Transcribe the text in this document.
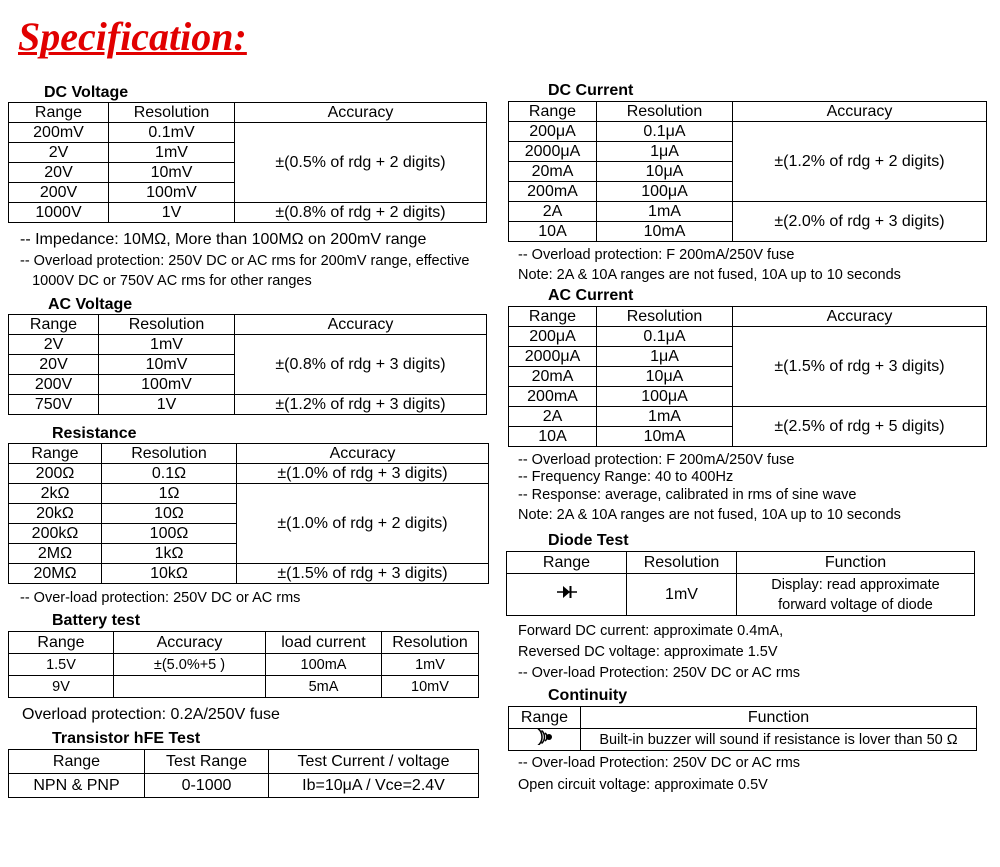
Specification:
DC Voltage
Range	Resolution	Accuracy
200mV	0.1mV	±(0.5% of rdg + 2 digits)
2V	1mV	
20V	10mV	
200V	100mV	
1000V	1V	±(0.8% of rdg + 2 digits)
-- Impedance: 10MΩ, More than 100MΩ on 200mV range
-- Overload protection: 250V DC or AC rms for 200mV range, effective
1000V DC or 750V AC rms for other ranges
AC Voltage
Range	Resolution	Accuracy
2V	1mV	±(0.8% of rdg + 3 digits)
20V	10mV	
200V	100mV	
750V	1V	±(1.2% of rdg + 3 digits)
Resistance
Range	Resolution	Accuracy
200Ω	0.1Ω	±(1.0% of rdg + 3 digits)
2kΩ	1Ω	±(1.0% of rdg + 2 digits)
20kΩ	10Ω	
200kΩ	100Ω	
2MΩ	1kΩ	
20MΩ	10kΩ	±(1.5% of rdg + 3 digits)
-- Over-load protection: 250V DC or AC rms
Battery test
Range	Accuracy	load current	Resolution
1.5V	±(5.0%+5 )	100mA	1mV
9V		5mA	10mV
Overload protection: 0.2A/250V fuse
Transistor hFE Test
Range	Test Range	Test Current / voltage
NPN & PNP	0-1000	Ib=10μA / Vce=2.4V
DC Current
Range	Resolution	Accuracy
200μA	0.1μA	±(1.2% of rdg + 2 digits)
2000μA	1μA	
20mA	10μA	
200mA	100μA	
2A	1mA	±(2.0% of rdg + 3 digits)
10A	10mA	
-- Overload protection: F 200mA/250V fuse
Note: 2A & 10A ranges are not fused, 10A up to 10 seconds
AC Current
Range	Resolution	Accuracy
200μA	0.1μA	±(1.5% of rdg + 3 digits)
2000μA	1μA	
20mA	10μA	
200mA	100μA	
2A	1mA	±(2.5% of rdg + 5 digits)
10A	10mA	
-- Overload protection: F 200mA/250V fuse
-- Frequency Range: 40 to 400Hz
-- Response: average, calibrated in rms of sine wave
Note: 2A & 10A ranges are not fused, 10A up to 10 seconds
Diode Test
Range	Resolution	Function
	1mV	Display: read approximate
forward voltage of diode
Forward DC current: approximate 0.4mA,
Reversed DC voltage: approximate 1.5V
-- Over-load Protection: 250V DC or AC rms
Continuity
Range	Function
	Built-in buzzer will sound if resistance is lover than 50 Ω
-- Over-load Protection: 250V DC or AC rms
Open circuit voltage: approximate 0.5V
